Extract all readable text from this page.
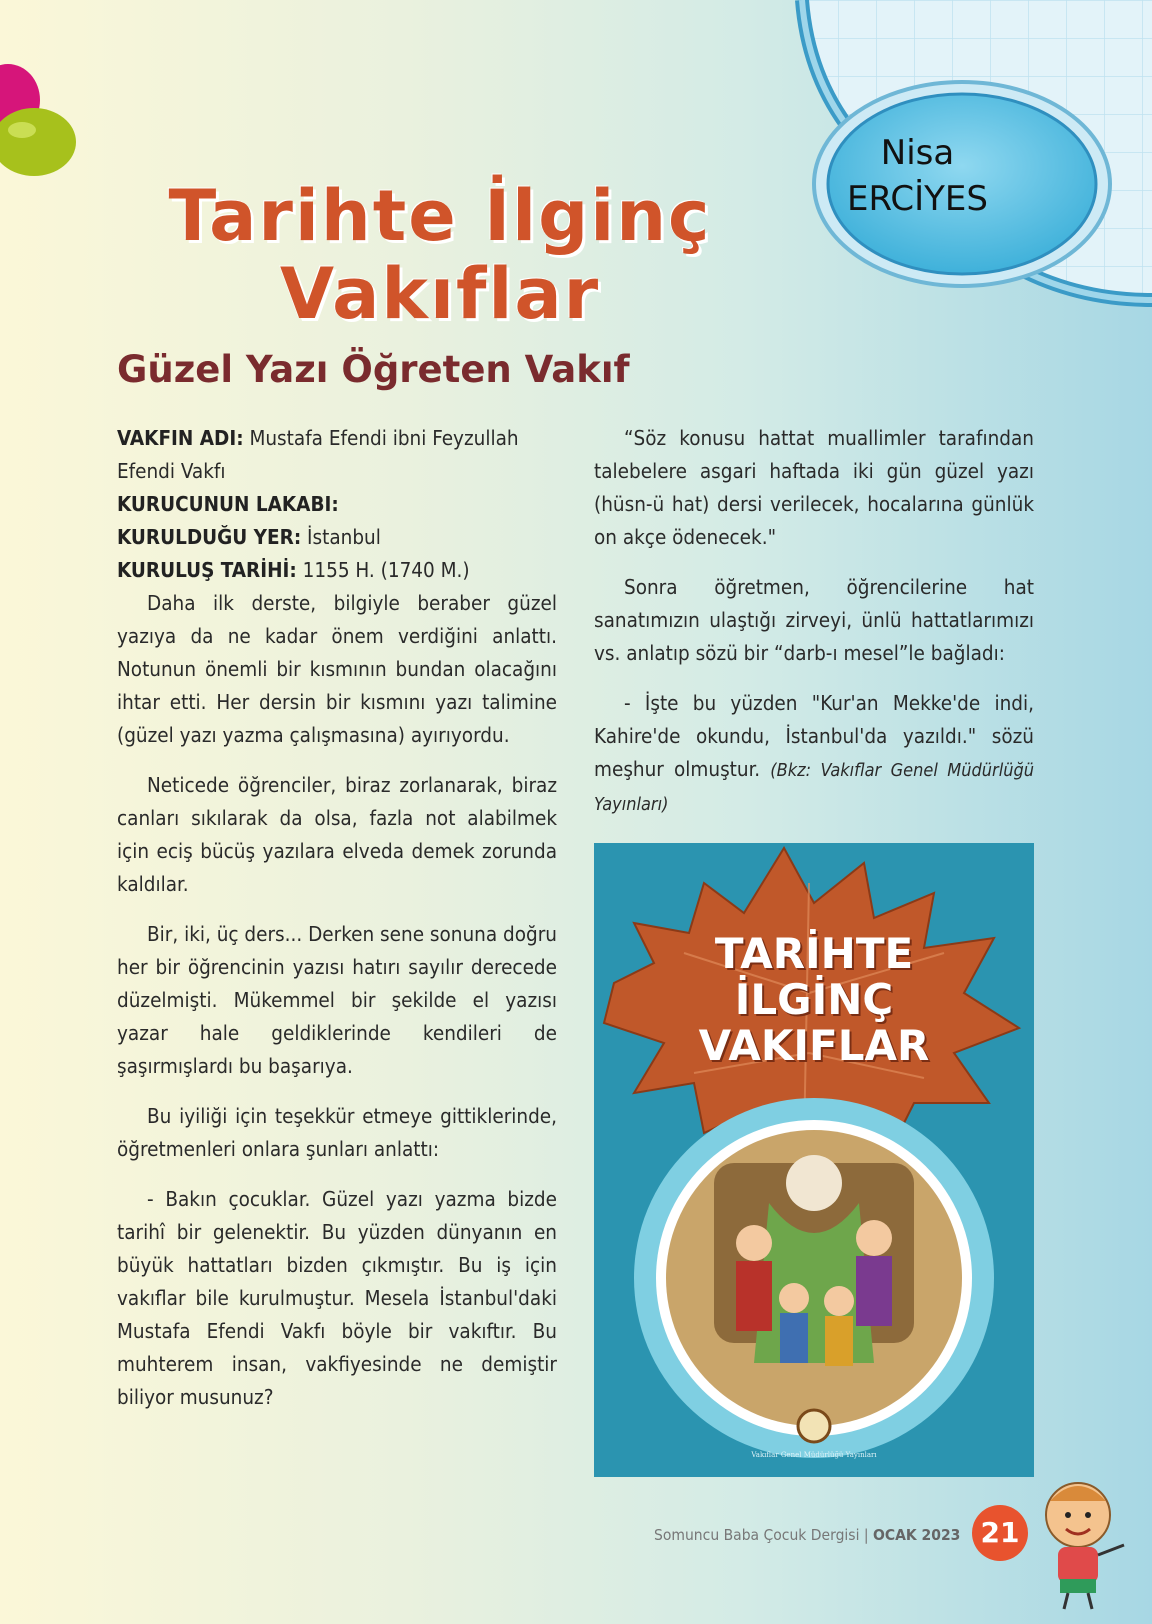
Tarihte İlginç
Vakıflar
Nisa
ERCİYES
Güzel Yazı Öğreten Vakıf
VAKFIN ADI: Mustafa Efendi ibni Feyzullah Efendi Vakfı
KURUCUNUN LAKABI:
KURULDUĞU YER: İstanbul
KURULUŞ TARİHİ: 1155 H. (1740 M.)

Daha ilk derste, bilgiyle beraber güzel yazıya da ne kadar önem verdiğini anlattı. Notunun önemli bir kısmının bundan olacağını ihtar etti. Her dersin bir kısmını yazı talimine (güzel yazı yazma çalışmasına) ayırıyordu.

Neticede öğrenciler, biraz zorlanarak, biraz canları sıkılarak da olsa, fazla not alabilmek için eciş bücüş yazılara elveda demek zorunda kaldılar.

Bir, iki, üç ders... Derken sene sonuna doğru her bir öğrencinin yazısı hatırı sayılır derecede düzelmişti. Mükemmel bir şekilde el yazısı yazar hale geldiklerinde kendileri de şaşırmışlardı bu başarıya.

Bu iyiliği için teşekkür etmeye gittiklerinde, öğretmenleri onlara şunları anlattı:

- Bakın çocuklar. Güzel yazı yazma bizde tarihî bir gelenektir. Bu yüzden dünyanın en büyük hattatları bizden çıkmıştır. Bu iş için vakıflar bile kurulmuştur. Mesela İstanbul'daki Mustafa Efendi Vakfı böyle bir vakıftır. Bu muhterem insan, vakfiyesinde ne demiştir biliyor musunuz?

“Söz konusu hattat muallimler tarafından talebelere asgari haftada iki gün güzel yazı (hüsn-ü hat) dersi verilecek, hocalarına günlük on akçe ödenecek."

Sonra öğretmen, öğrencilerine hat sanatımızın ulaştığı zirveyi, ünlü hattatlarımızı vs. anlatıp sözü bir “darb-ı mesel”le bağladı:

- İşte bu yüzden "Kur'an Mekke'de indi, Kahire'de okundu, İstanbul'da yazıldı." sözü meşhur olmuştur. (Bkz: Vakıflar Genel Müdürlüğü Yayınları)

TARİHTE
İLGİNÇ
VAKIFLAR
Vakıflar Genel Müdürlüğü Yayınları
Somuncu Baba Çocuk Dergisi | OCAK 2023 21
